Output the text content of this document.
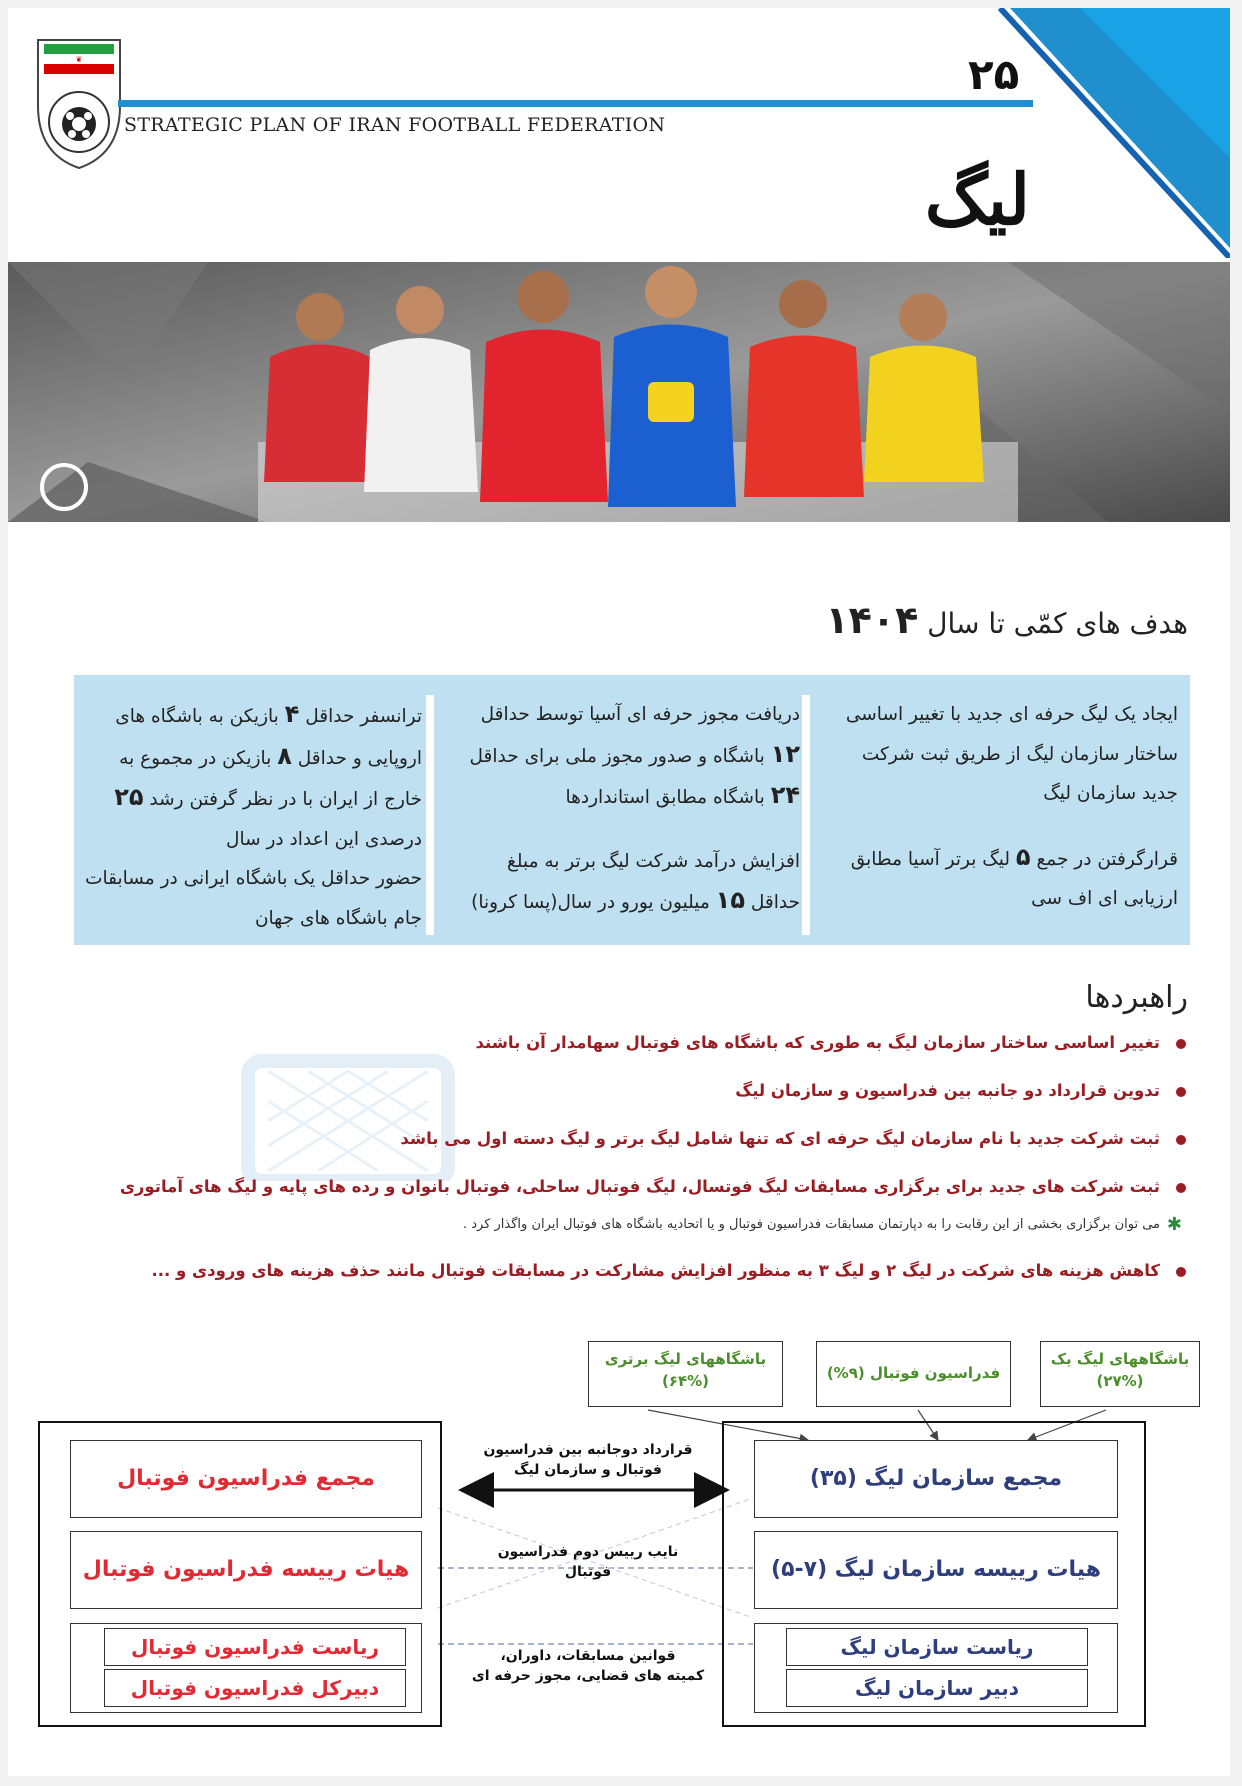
❦
STRATEGIC PLAN OF IRAN FOOTBALL FEDERATION
۲۵
لیگ
هدف های کمّی تا سال ۱۴۰۴

ایجاد یک لیگ حرفه ای جدید با تغییر اساسی ساختار سازمان لیگ از طریق ثبت شرکت جدید سازمان لیگ

قرارگرفتن در جمع ۵ لیگ برتر آسیا مطابق ارزیابی ای اف سی

دریافت مجوز حرفه ای آسیا توسط حداقل ۱۲ باشگاه و صدور مجوز ملی برای حداقل ۲۴ باشگاه مطابق استانداردها

افزایش درآمد شرکت لیگ برتر به مبلغ حداقل ۱۵ میلیون یورو در سال(پسا کرونا)

ترانسفر حداقل ۴ بازیکن به باشگاه های اروپایی و حداقل ۸ بازیکن در مجموع به خارج از ایران با در نظر گرفتن رشد ۲۵ درصدی این اعداد در سال

حضور حداقل یک باشگاه ایرانی در مسابقات جام باشگاه های جهان

راهبردها
تغییر اساسی ساختار سازمان لیگ به طوری که باشگاه های فوتبال سهامدار آن باشند
تدوین قرارداد دو جانبه بین فدراسیون و سازمان لیگ
ثبت شرکت جدید با نام سازمان لیگ حرفه ای که تنها شامل لیگ برتر و لیگ دسته اول می باشد
ثبت شرکت های جدید برای برگزاری مسابقات لیگ فوتسال، لیگ فوتبال ساحلی، فوتبال بانوان و رده های پایه و لیگ های آماتوری
✱
می توان برگزاری بخشی از این رقابت را به دپارتمان مسابقات فدراسیون فوتبال و یا اتحادیه باشگاه های فوتبال ایران واگذار کرد .
کاهش هزینه های شرکت در لیگ ۲ و لیگ ۳ به منظور افزایش مشارکت در مسابقات فوتبال مانند حذف هزینه های ورودی و ...
باشگاههای لیگ برتری
(۶۴%)	فدراسیون فوتبال (۹%)
باشگاههای لیگ یک
(۲۷%)
مجمع فدراسیون فوتبال
هیات رییسه فدراسیون فوتبال
ریاست فدراسیون فوتبال
دبیرکل فدراسیون فوتبال
مجمع سازمان لیگ (۳۵)
هیات رییسه سازمان لیگ (۷-۵)
ریاست سازمان لیگ
دبیر سازمان لیگ
قرارداد دوجانبه بین فدراسیون
فوتبال و سازمان لیگ
نایب رییس دوم فدراسیون
فوتبال
قوانین مسابقات، داوران،
کمیته های قضایی، مجوز حرفه ای
